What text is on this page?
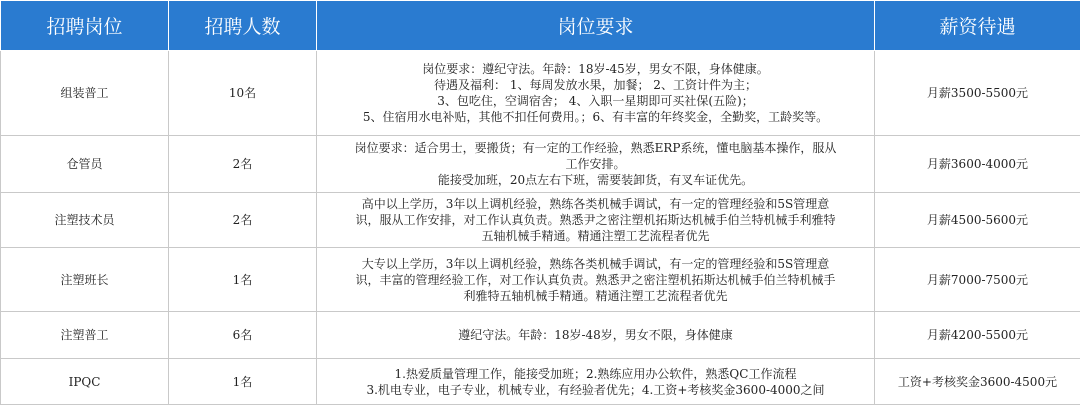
招聘岗位	招聘人数	岗位要求	薪资待遇
组装普工	10名	岗位要求：遵纪守法。年龄：18岁-45岁，男女不限，身体健康。
待遇及福利： 1、每周发放水果，加餐； 2、工资计件为主；
3、包吃住，空调宿舍； 4、入职一星期即可买社保(五险)；
5、住宿用水电补贴，其他不扣任何费用。；6、有丰富的年终奖金，全勤奖，工龄奖等。	月薪3500-5500元
仓管员	2名	岗位要求：适合男士，要搬货；有一定的工作经验，熟悉ERP系统，懂电脑基本操作，服从
工作安排。
能接受加班，20点左右下班，需要装卸货，有叉车证优先。	月薪3600-4000元
注塑技术员	2名	高中以上学历，3年以上调机经验，熟练各类机械手调试，有一定的管理经验和5S管理意
识，服从工作安排，对工作认真负责。熟悉尹之密注塑机拓斯达机械手伯兰特机械手利雅特
五轴机械手精通。精通注塑工艺流程者优先	月薪4500-5600元
注塑班长	1名	大专以上学历，3年以上调机经验，熟练各类机械手调试，有一定的管理经验和5S管理意
识，丰富的管理经验工作，对工作认真负责。熟悉尹之密注塑机拓斯达机械手伯兰特机械手
利雅特五轴机械手精通。精通注塑工艺流程者优先	月薪7000-7500元
注塑普工	6名	遵纪守法。年龄：18岁-48岁，男女不限，身体健康	月薪4200-5500元
IPQC	1名	1.热爱质量管理工作，能接受加班；2.熟练应用办公软件，熟悉QC工作流程
3.机电专业，电子专业，机械专业，有经验者优先；4.工资+考核奖金3600-4000之间	工资+考核奖金3600-4500元
